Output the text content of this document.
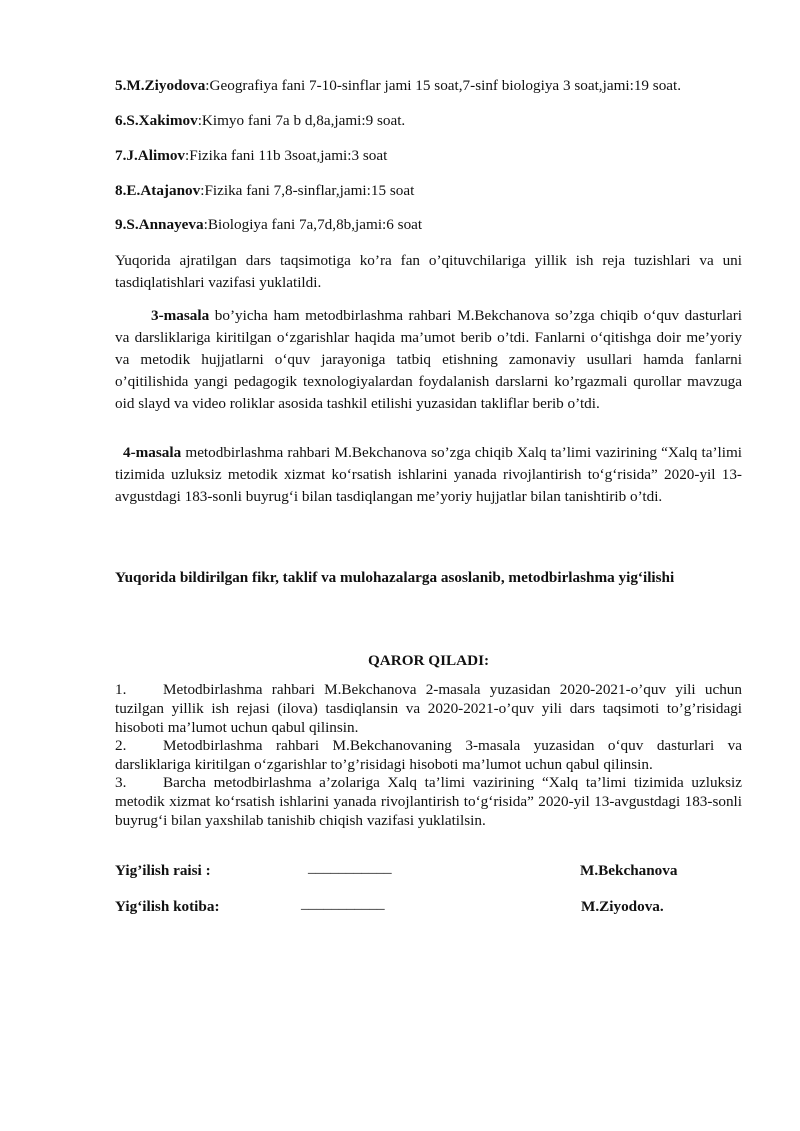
5.M.Ziyodova:Geografiya fani 7-10-sinflar jami 15 soat,7-sinf biologiya 3 soat,jami:19 soat.

6.S.Xakimov:Kimyo fani 7a b d,8a,jami:9 soat.

7.J.Alimov:Fizika fani 11b 3soat,jami:3 soat

8.E.Atajanov:Fizika fani 7,8-sinflar,jami:15 soat

9.S.Annayeva:Biologiya fani 7a,7d,8b,jami:6 soat

Yuqorida ajratilgan dars taqsimotiga ko’ra fan o’qituvchilariga yillik ish reja tuzishlari va uni tasdiqlatishlari vazifasi yuklatildi.

3-masala bo’yicha ham metodbirlashma rahbari M.Bekchanova so’zga chiqib o‘quv dasturlari va darsliklariga kiritilgan o‘zgarishlar haqida ma’umot berib o’tdi. Fanlarni o‘qitishga doir me’yoriy va metodik hujjatlarni o‘quv jarayoniga tatbiq etishning zamonaviy usullari hamda fanlarni o’qitilishida yangi pedagogik texnologiyalardan foydalanish darslarni ko’rgazmali qurollar mavzuga oid slayd va video roliklar asosida tashkil etilishi yuzasidan takliflar berib o’tdi.

4-masala metodbirlashma rahbari M.Bekchanova so’zga chiqib Xalq ta’limi vazirining “Xalq ta’limi tizimida uzluksiz metodik xizmat ko‘rsatish ishlarini yanada rivojlantirish to‘g‘risida” 2020-yil 13-avgustdagi 183-sonli buyrug‘i bilan tasdiqlangan me’yoriy hujjatlar bilan tanishtirib o’tdi.

Yuqorida bildirilgan fikr, taklif va mulohazalarga asoslanib, metodbirlashma yig‘ilishi

QAROR QILADI:

1. Metodbirlashma rahbari M.Bekchanova 2-masala yuzasidan 2020-2021-o’quv yili uchun tuzilgan yillik ish rejasi (ilova) tasdiqlansin va 2020-2021-o’quv yili dars taqsimoti to’g’risidagi hisoboti ma’lumot uchun qabul qilinsin.

2. Metodbirlashma rahbari M.Bekchanovaning 3-masala yuzasidan o‘quv dasturlari va darsliklariga kiritilgan o‘zgarishlar to’g’risidagi hisoboti ma’lumot uchun qabul qilinsin.

3. Barcha metodbirlashma a’zolariga Xalq ta’limi vazirining “Xalq ta’limi tizimida uzluksiz metodik xizmat ko‘rsatish ishlarini yanada rivojlantirish to‘g‘risida” 2020-yil 13-avgustdagi 183-sonli buyrug‘i bilan yaxshilab tanishib chiqish vazifasi yuklatilsin.

Yig’ilish raisi :	___________	M.Bekchanova
Yig‘ilish kotiba:	___________	M.Ziyodova.
